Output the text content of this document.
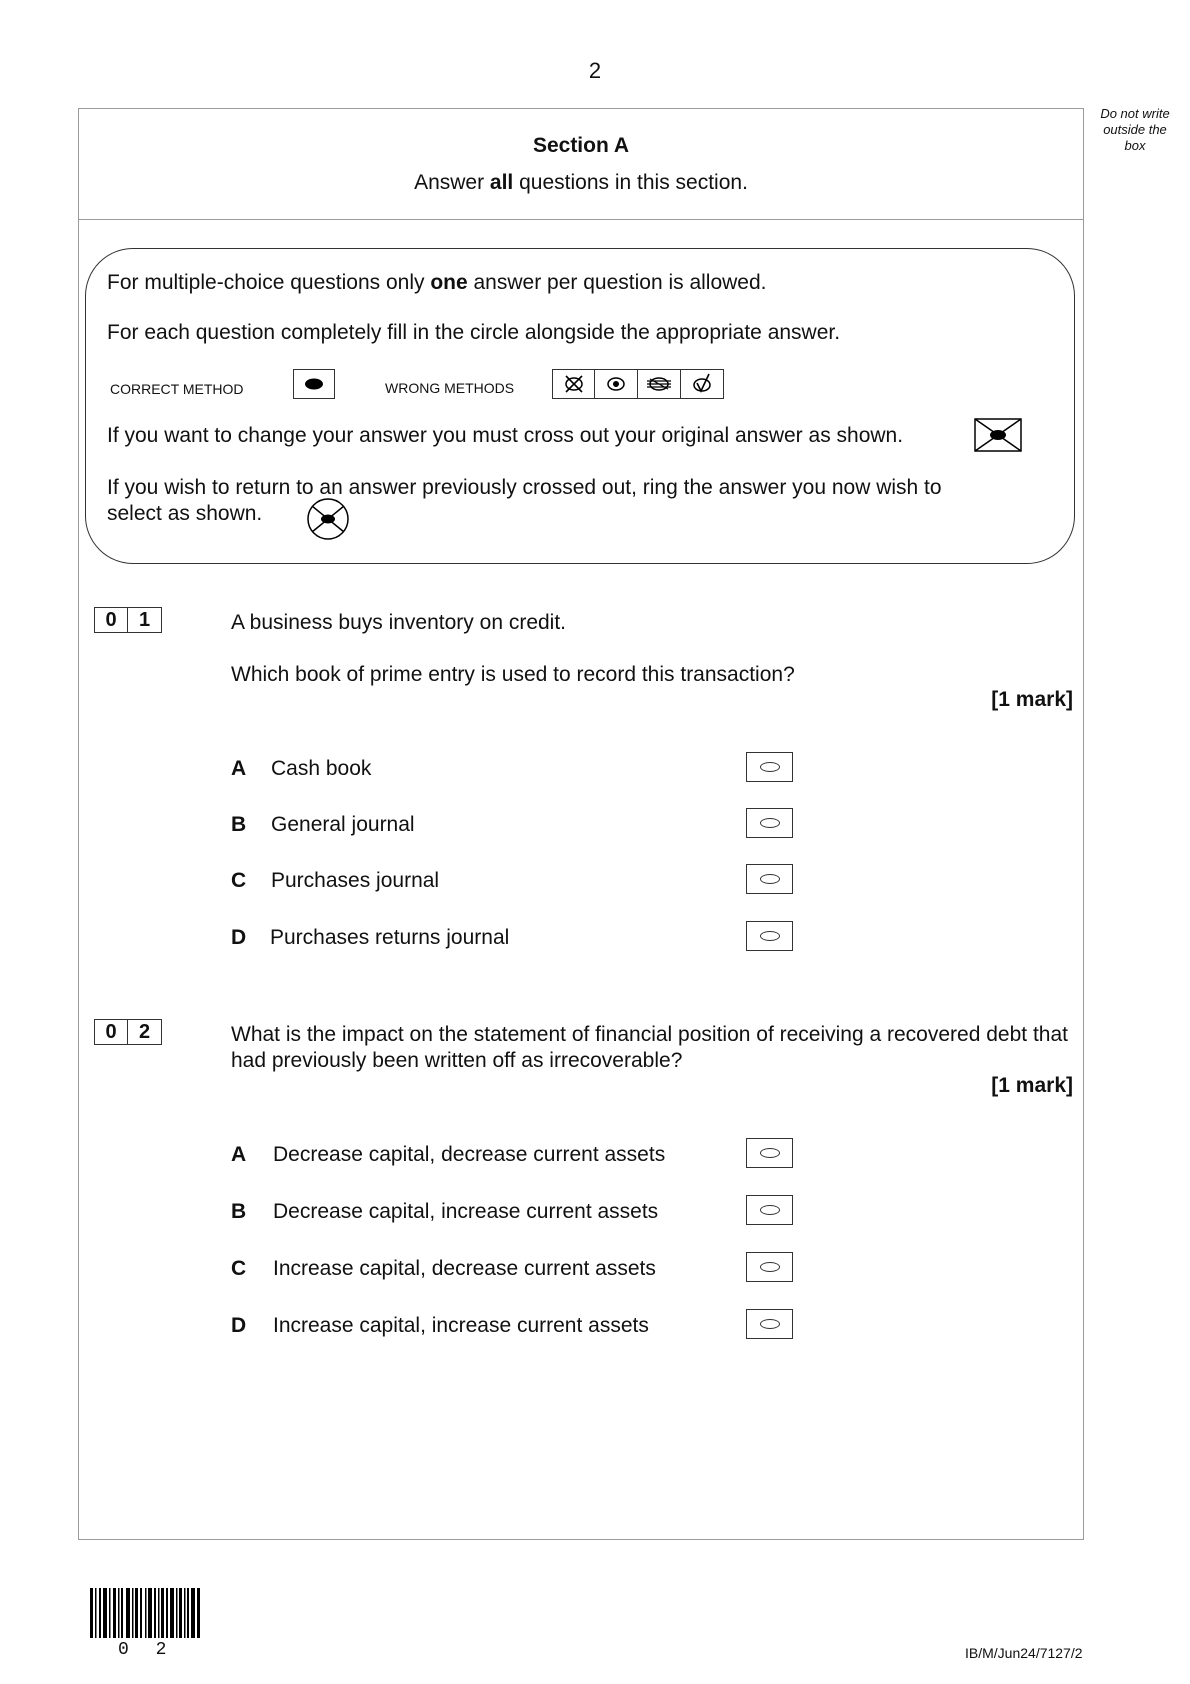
2
Do not write
outside the
box
Section A
Answer all questions in this section.
For multiple-choice questions only one answer per question is allowed.
For each question completely fill in the circle alongside the appropriate answer.
CORRECT METHOD	WRONG METHODS
If you want to change your answer you must cross out your original answer as shown.
If you wish to return to an answer previously crossed out, ring the answer you now wish to
select as shown.
0	1	A business buys inventory on credit.
Which book of prime entry is used to record this transaction?
[1 mark]
A Cash book
B General journal
C Purchases journal
D Purchases returns journal
0	2	What is the impact on the statement of financial position of receiving a recovered debt that had previously been written off as irrecoverable?
[1 mark]
A Decrease capital, decrease current assets
B Decrease capital, increase current assets
C Increase capital, decrease current assets
D Increase capital, increase current assets
0 2	IB/M/Jun24/7127/2
